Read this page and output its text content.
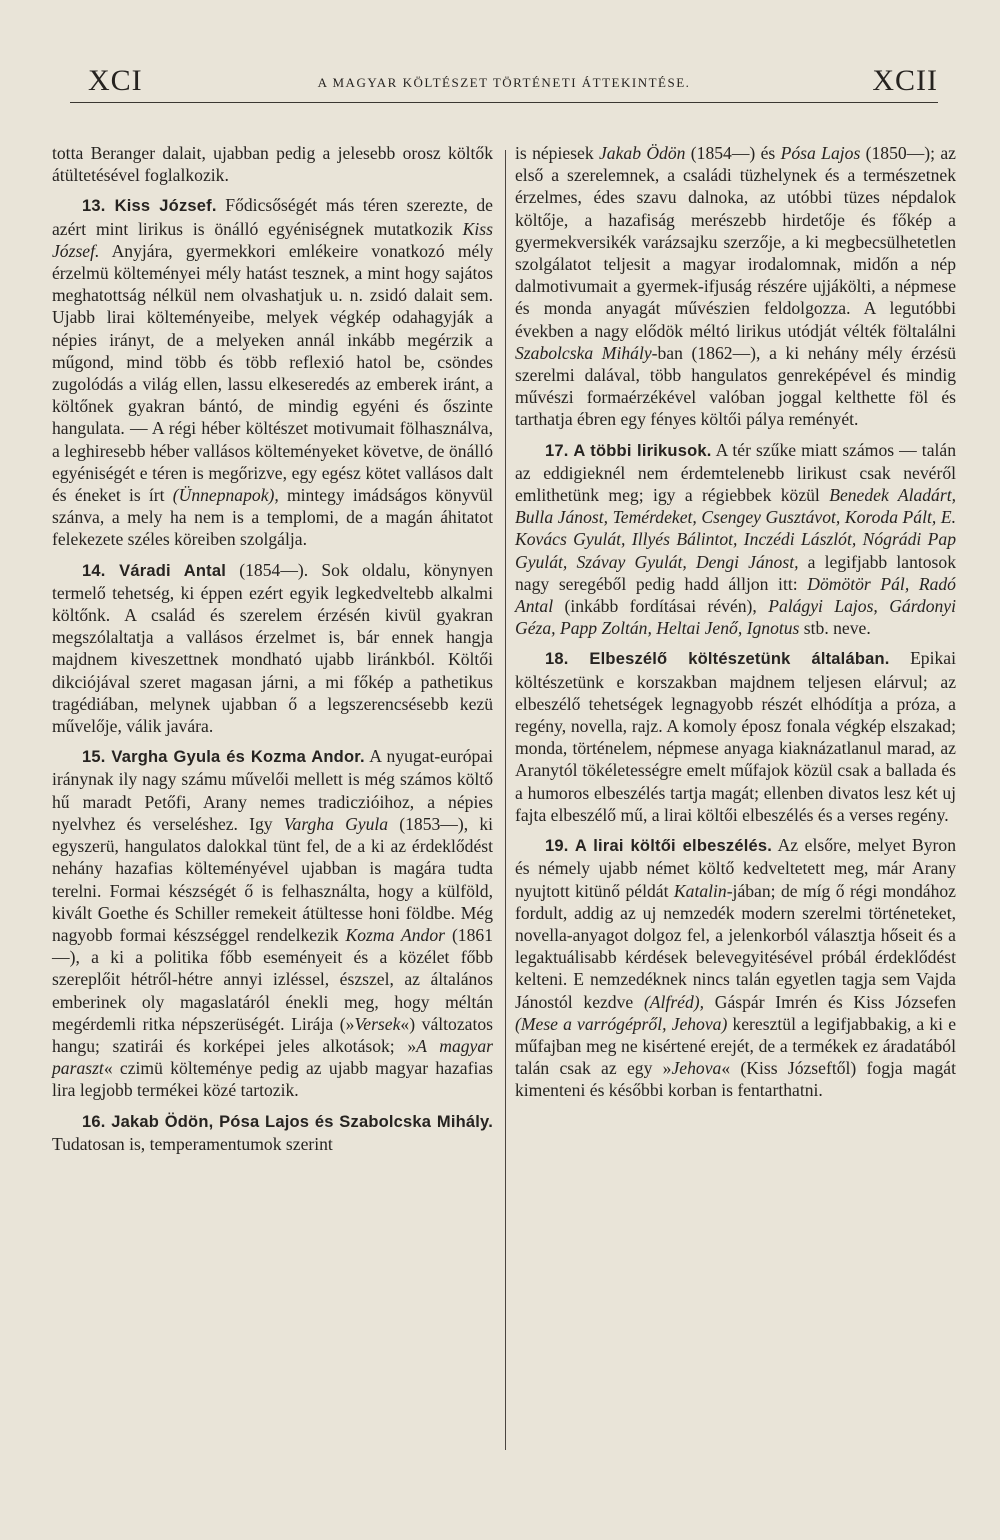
XCI	A MAGYAR KÖLTÉSZET TÖRTÉNETI ÁTTEKINTÉSE.	XCII

totta Beranger dalait, ujabban pedig a jelesebb orosz költők átültetésével foglalkozik.

13. Kiss József. Fődicsőségét más téren szerezte, de azért mint lirikus is önálló egyéniségnek mutatkozik Kiss József. Anyjára, gyermekkori emlékeire vonatkozó mély érzelmü költeményei mély hatást tesznek, a mint hogy sajátos meghatottság nélkül nem olvashatjuk u. n. zsidó dalait sem. Ujabb lirai költeményeibe, melyek végkép odahagyják a népies irányt, de a melyeken annál inkább megérzik a műgond, mind több és több reflexió hatol be, csöndes zugolódás a világ ellen, lassu elkeseredés az emberek iránt, a költőnek gyakran bántó, de mindig egyéni és őszinte hangulata. — A régi héber költészet motivumait fölhasználva, a leghiresebb héber vallásos költeményeket követve, de önálló egyéniségét e téren is megőrizve, egy egész kötet vallásos dalt és éneket is írt (Ünnepnapok), mintegy imádságos könyvül szánva, a mely ha nem is a templomi, de a magán áhitatot felekezete széles köreiben szolgálja.

14. Váradi Antal (1854—). Sok oldalu, könynyen termelő tehetség, ki éppen ezért egyik legkedveltebb alkalmi költőnk. A család és szerelem érzésén kivül gyakran megszólaltatja a vallásos érzelmet is, bár ennek hangja majdnem kiveszettnek mondható ujabb liránkból. Költői dikciójával szeret magasan járni, a mi főkép a pathetikus tragédiában, melynek ujabban ő a legszerencsésebb kezü művelője, válik javára.

15. Vargha Gyula és Kozma Andor. A nyugat-európai iránynak ily nagy számu művelői mellett is még számos költő hű maradt Petőfi, Arany nemes tradiczióihoz, a népies nyelvhez és verseléshez. Igy Vargha Gyula (1853—), ki egyszerü, hangulatos dalokkal tünt fel, de a ki az érdeklődést nehány hazafias költeményével ujabban is magára tudta terelni. Formai készségét ő is felhasználta, hogy a külföld, kivált Goethe és Schiller remekeit átültesse honi földbe. Még nagyobb formai készséggel rendelkezik Kozma Andor (1861—), a ki a politika főbb eseményeit és a közélet főbb szereplőit hétről-hétre annyi izléssel, észszel, az általános emberinek oly magaslatáról énekli meg, hogy méltán megérdemli ritka népszerüségét. Lirája (»Versek«) változatos hangu; szatirái és korképei jeles alkotások; »A magyar paraszt« czimü költeménye pedig az ujabb magyar hazafias lira legjobb termékei közé tartozik.

16. Jakab Ödön, Pósa Lajos és Szabolcska Mihály. Tudatosan is, temperamentumok szerint

is népiesek Jakab Ödön (1854—) és Pósa Lajos (1850—); az első a szerelemnek, a családi tüzhelynek és a természetnek érzelmes, édes szavu dalnoka, az utóbbi tüzes népdalok költője, a hazafiság merészebb hirdetője és főkép a gyermekversikék varázsajku szerzője, a ki megbecsülhetetlen szolgálatot teljesit a magyar irodalomnak, midőn a nép dalmotivumait a gyermek-ifjuság részére ujjákölti, a népmese és monda anyagát művészien feldolgozza. A legutóbbi években a nagy elődök méltó lirikus utódját vélték föltalálni Szabolcska Mihály-ban (1862—), a ki nehány mély érzésü szerelmi dalával, több hangulatos genreképével és mindig művészi formaérzékével valóban joggal kelthette föl és tarthatja ébren egy fényes költői pálya reményét.

17. A többi lirikusok. A tér szűke miatt számos — talán az eddigieknél nem érdemtelenebb lirikust csak nevéről emlithetünk meg; igy a régiebbek közül Benedek Aladárt, Bulla Jánost, Temérdeket, Csengey Gusztávot, Koroda Pált, E. Kovács Gyulát, Illyés Bálintot, Inczédi Lászlót, Nógrádi Pap Gyulát, Szávay Gyulát, Dengi Jánost, a legifjabb lantosok nagy seregéből pedig hadd álljon itt: Dömötör Pál, Radó Antal (inkább fordításai révén), Palágyi Lajos, Gárdonyi Géza, Papp Zoltán, Heltai Jenő, Ignotus stb. neve.

18. Elbeszélő költészetünk általában. Epikai költészetünk e korszakban majdnem teljesen elárvul; az elbeszélő tehetségek legnagyobb részét elhódítja a próza, a regény, novella, rajz. A komoly éposz fonala végkép elszakad; monda, történelem, népmese anyaga kiaknázatlanul marad, az Aranytól tökéletességre emelt műfajok közül csak a ballada és a humoros elbeszélés tartja magát; ellenben divatos lesz két uj fajta elbeszélő mű, a lirai költői elbeszélés és a verses regény.

19. A lirai költői elbeszélés. Az elsőre, melyet Byron és némely ujabb német költő kedveltetett meg, már Arany nyujtott kitünő példát Katalin-jában; de míg ő régi mondához fordult, addig az uj nemzedék modern szerelmi történeteket, novella-anyagot dolgoz fel, a jelenkorból választja hőseit és a legaktuálisabb kérdések belevegyitésével próbál érdeklődést kelteni. E nemzedéknek nincs talán egyetlen tagja sem Vajda Jánostól kezdve (Alfréd), Gáspár Imrén és Kiss Józsefen (Mese a varrógépről, Jehova) keresztül a legifjabbakig, a ki e műfajban meg ne kisértené erejét, de a termékek ez áradatából talán csak az egy »Jehova« (Kiss Józseftől) fogja magát kimenteni és későbbi korban is fentarthatni.
